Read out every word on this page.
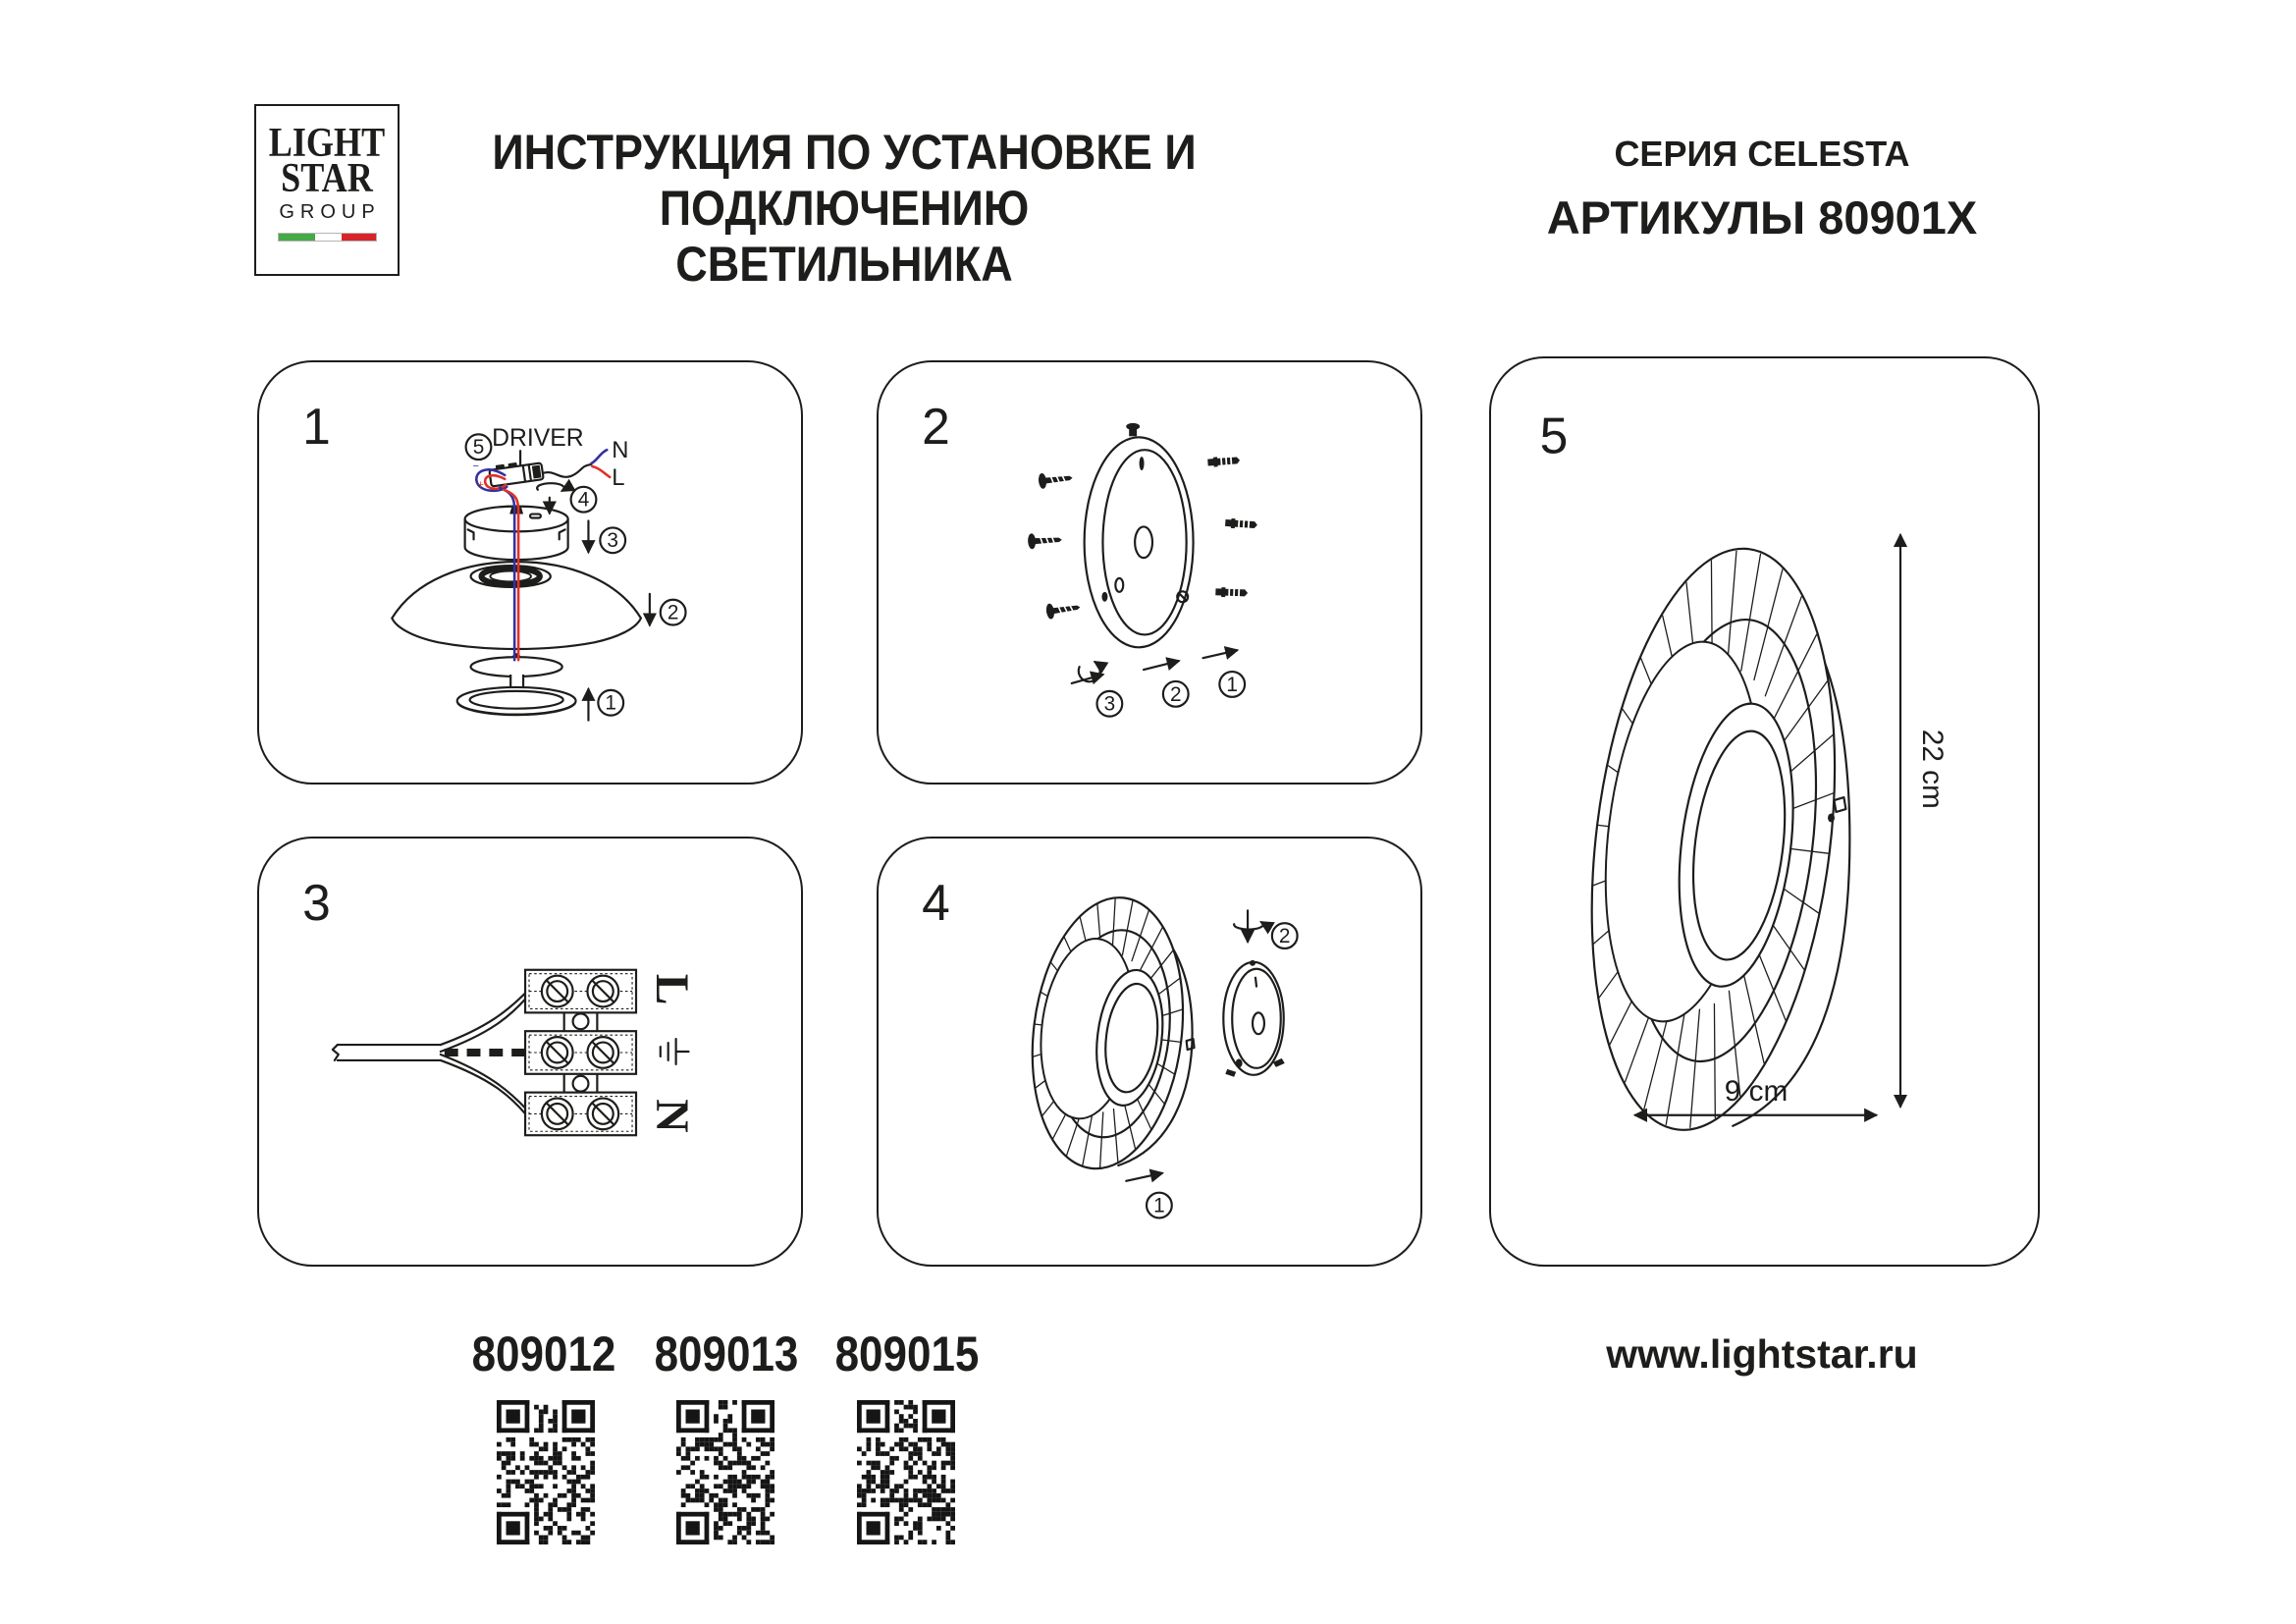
LIGHT
STAR
GROUP
ИНСТРУКЦИЯ ПО УСТАНОВКЕ И
ПОДКЛЮЧЕНИЮ СВЕТИЛЬНИКА
СЕРИЯ CELESTA
АРТИКУЛЫ 80901X
1
−
+
N
L
DRIVER
5
4
3
2
1
2
3	2 1
3
L
N
4
2
1
5
22 cm
9 cm
809012 809013 809015	www.lightstar.ru
